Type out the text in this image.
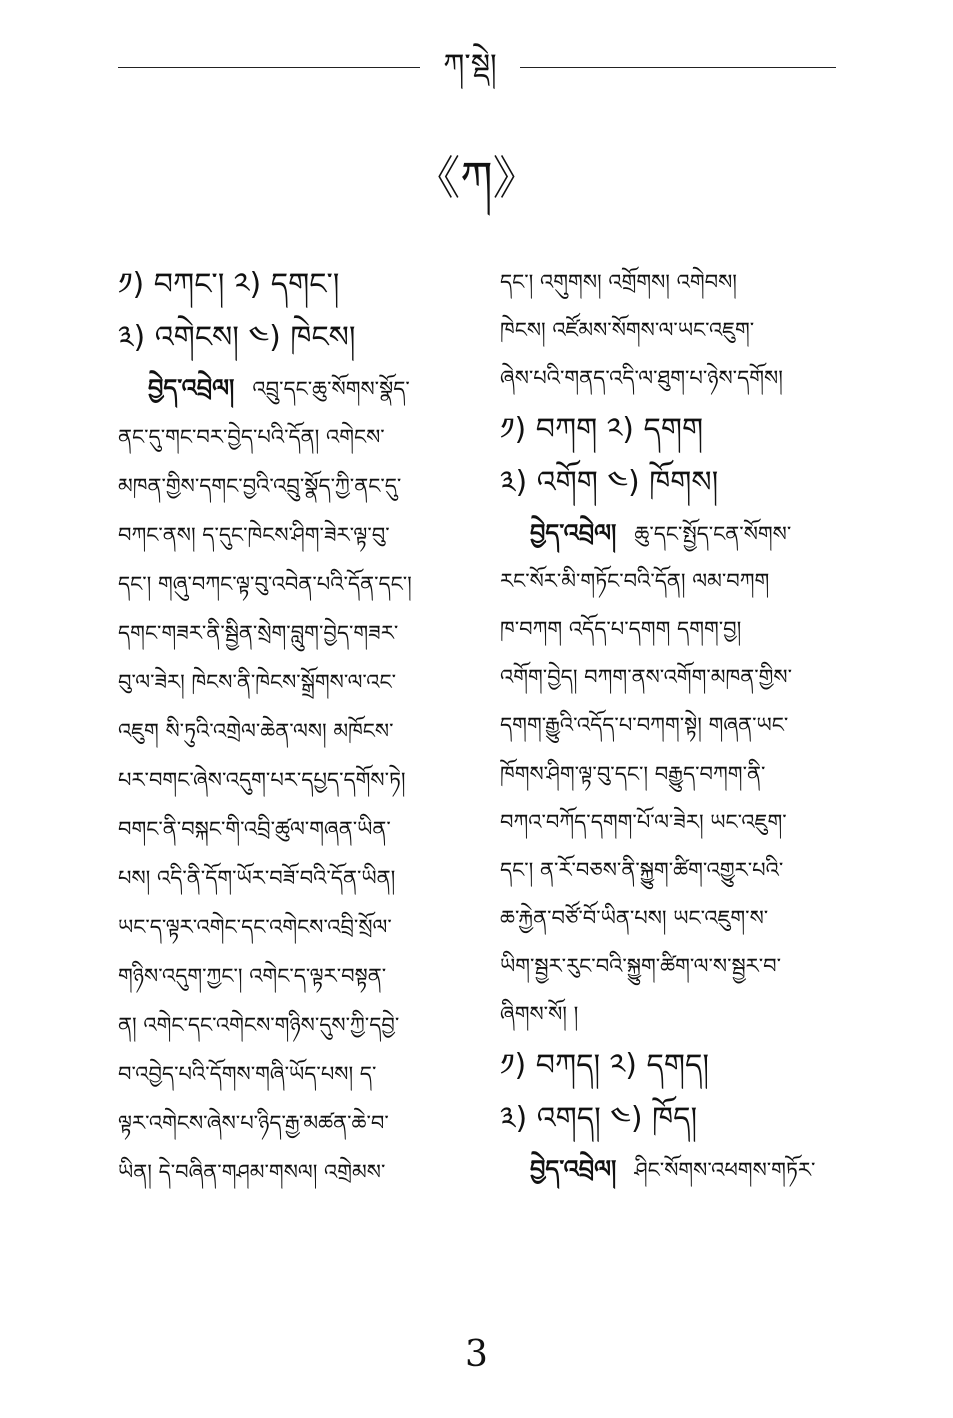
ཀ་སྡེ།
《ཀ》
༡) བཀང་། ༢) དགང་།
༣) འགེངས། ༤) ཁེངས།
བྱེད་འབྲེལ། འབྲུ་དང་ཆུ་སོགས་སྣོད་
ནང་དུ་གང་བར་བྱེད་པའི་དོན། འགེངས་
མཁན་གྱིས་དགང་བྱའི་འབྲུ་སྣོད་ཀྱི་ནང་དུ་
བཀང་ནས། ད་དུང་ཁེངས་ཤིག་ཟེར་ལྟ་བུ་
དང་། གཞུ་བཀང་ལྟ་བུ་འབེན་པའི་དོན་དང་།
དགང་གཟར་ནི་སྦྱིན་སྲེག་བླུག་བྱེད་གཟར་
བུ་ལ་ཟེར། ཁེངས་ནི་ཁེངས་སྒྲོགས་ལ་འང་
འཇུག སི་ཏུའི་འགྲེལ་ཆེན་ལས། མཁོངས་
པར་བགང་ཞེས་འདུག་པར་དཔྱད་དགོས་ཏེ།
བགང་ནི་བསྐང་གི་འབྲི་ཚུལ་གཞན་ཡིན་
པས། འདི་ནི་དོག་ཡོར་བཟོ་བའི་དོན་ཡིན།
ཡང་ད་ལྟར་འགེང་དང་འགེངས་འབྲི་སྲོལ་
གཉིས་འདུག་ཀྱང་། འགེང་ད་ལྟར་བསྟན་
ན། འགེང་དང་འགེངས་གཉིས་དུས་ཀྱི་དབྱེ་
བ་འབྱེད་པའི་དོགས་གཞི་ཡོད་པས། ད་
ལྟར་འགེངས་ཞེས་པ་ཉིད་རྒྱ་མཚན་ཆེ་བ་
ཡིན། དེ་བཞིན་གཤམ་གསལ། འགྲེམས་
དང་། འགུགས། འགྲོགས། འགེབས།
ཁེངས། འཛོམས་སོགས་ལ་ཡང་འཇུག་
ཞེས་པའི་གནད་འདི་ལ་ཐུག་པ་ཉེས་དགོས།
༡) བཀག ༢) དགག
༣) འགོག ༤) ཁོགས།
བྱེད་འབྲེལ། ཆུ་དང་སྤྱོད་ངན་སོགས་
རང་སོར་མི་གཏོང་བའི་དོན། ལམ་བཀག
ཁ་བཀག འདོད་པ་དགག དགག་བྱ།
འགོག་བྱེད། བཀག་ནས་འགོག་མཁན་གྱིས་
དགག་རྒྱུའི་འདོད་པ་བཀག་སྟེ། གཞན་ཡང་
ཁོགས་ཤིག་ལྟ་བུ་དང་། བརྒྱུད་བཀག་ནི་
བཀའ་བཀོད་དགག་པོ་ལ་ཟེར། ཡང་འཇུག་
དང་། ན་རོ་བཅས་ནི་སྐྱུག་ཚིག་འགྱུར་པའི་
ཆ་རྐྱེན་བཙོ་བོ་ཡིན་པས། ཡང་འཇུག་ས་
ཡིག་སྦྱར་རུང་བའི་སྐྱུག་ཚིག་ལ་ས་སྦྱར་བ་
ཞིགས་སོ། །
༡) བཀད། ༢) དགད།
༣) འགད། ༤) ཁོད།
བྱེད་འབྲེལ། ཤིང་སོགས་འཕགས་གཏོར་
3
